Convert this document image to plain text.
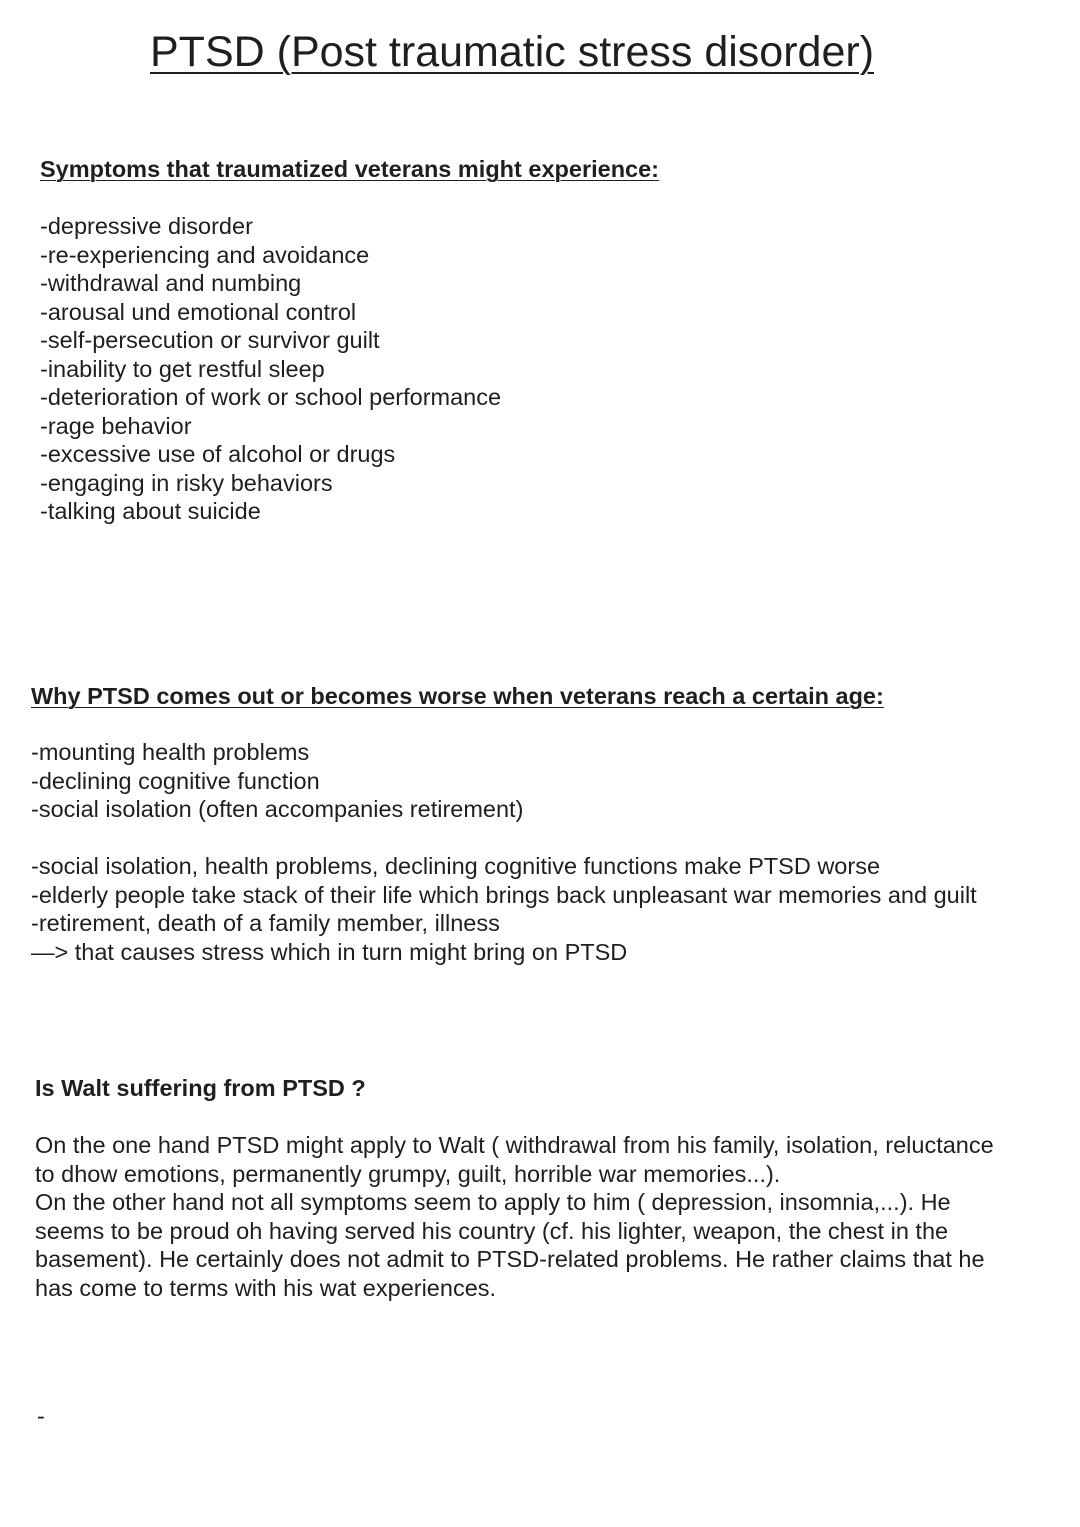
PTSD (Post traumatic stress disorder)
Symptoms that traumatized veterans might experience:
-depressive disorder
-re-experiencing and avoidance
-withdrawal and numbing
-arousal und emotional control
-self-persecution or survivor guilt
-inability to get restful sleep
-deterioration of work or school performance
-rage behavior
-excessive use of alcohol or drugs
-engaging in risky behaviors
-talking about suicide
Why PTSD comes out or becomes worse when veterans reach a certain age:
-mounting health problems
-declining cognitive function
-social isolation (often accompanies retirement)
-social isolation, health problems, declining cognitive functions make PTSD worse
-elderly people take stack of their life which brings back unpleasant war memories and guilt
-retirement, death of a family member, illness
—> that causes stress which in turn might bring on PTSD
Is Walt suffering from PTSD ?

On the one hand PTSD might apply to Walt ( withdrawal from his family, isolation, reluctance
to dhow emotions, permanently grumpy, guilt, horrible war memories...).
On the other hand not all symptoms seem to apply to him ( depression, insomnia,...). He
seems to be proud oh having served his country (cf. his lighter, weapon, the chest in the
basement). He certainly does not admit to PTSD-related problems. He rather claims that he
has come to terms with his wat experiences.

-
